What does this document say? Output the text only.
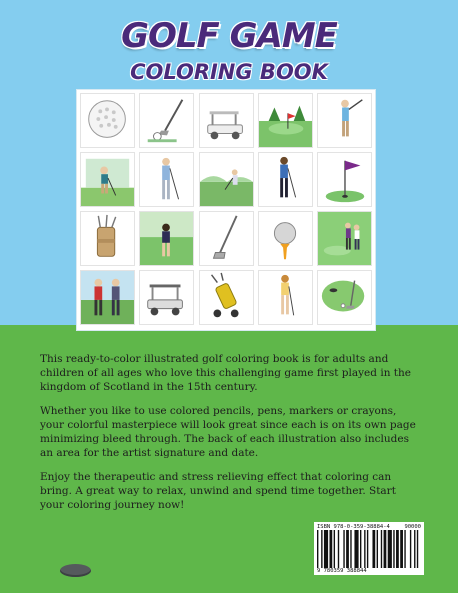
GOLF GAME
COLORING BOOK

This ready-to-color illustrated golf coloring book is for adults and children of all ages who love this challenging game first played in the kingdom of Scotland in the 15th century.

Whether you like to use colored pencils, pens, markers or crayons, your colorful masterpiece will look great since each is on its own page minimizing bleed through. The back of each illustration also includes an area for the artist signature and date.

Enjoy the therapeutic and stress relieving effect that coloring can bring. A great way to relax, unwind and spend time together. Start your coloring journey now!

ISBN 978-0-359-38884-4	90000
9 780359 388844
